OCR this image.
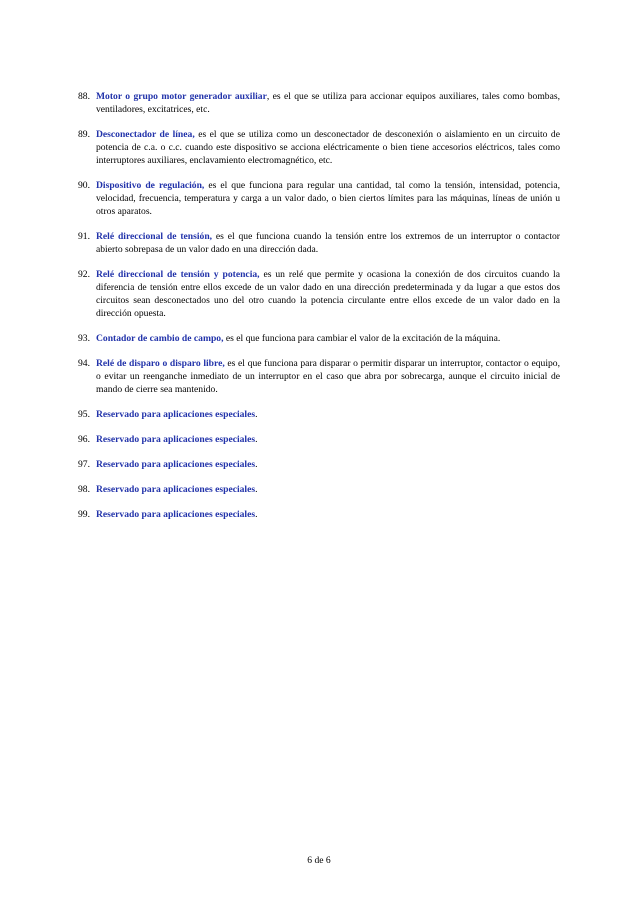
88. Motor o grupo motor generador auxiliar, es el que se utiliza para accionar equipos auxiliares, tales como bombas, ventiladores, excitatrices, etc.
89. Desconectador de línea, es el que se utiliza como un desconectador de desconexión o aislamiento en un circuito de potencia de c.a. o c.c. cuando este dispositivo se acciona eléctricamente o bien tiene accesorios eléctricos, tales como interruptores auxiliares, enclavamiento electromagnético, etc.
90. Dispositivo de regulación, es el que funciona para regular una cantidad, tal como la tensión, intensidad, potencia, velocidad, frecuencia, temperatura y carga a un valor dado, o bien ciertos límites para las máquinas, líneas de unión u otros aparatos.
91. Relé direccional de tensión, es el que funciona cuando la tensión entre los extremos de un interruptor o contactor abierto sobrepasa de un valor dado en una dirección dada.
92. Relé direccional de tensión y potencia, es un relé que permite y ocasiona la conexión de dos circuitos cuando la diferencia de tensión entre ellos excede de un valor dado en una dirección predeterminada y da lugar a que estos dos circuitos sean desconectados uno del otro cuando la potencia circulante entre ellos excede de un valor dado en la dirección opuesta.
93. Contador de cambio de campo, es el que funciona para cambiar el valor de la excitación de la máquina.
94. Relé de disparo o disparo libre, es el que funciona para disparar o permitir disparar un interruptor, contactor o equipo, o evitar un reenganche inmediato de un interruptor en el caso que abra por sobrecarga, aunque el circuito inicial de mando de cierre sea mantenido.
95. Reservado para aplicaciones especiales.
96. Reservado para aplicaciones especiales.
97. Reservado para aplicaciones especiales.
98. Reservado para aplicaciones especiales.
99. Reservado para aplicaciones especiales.
6 de 6
